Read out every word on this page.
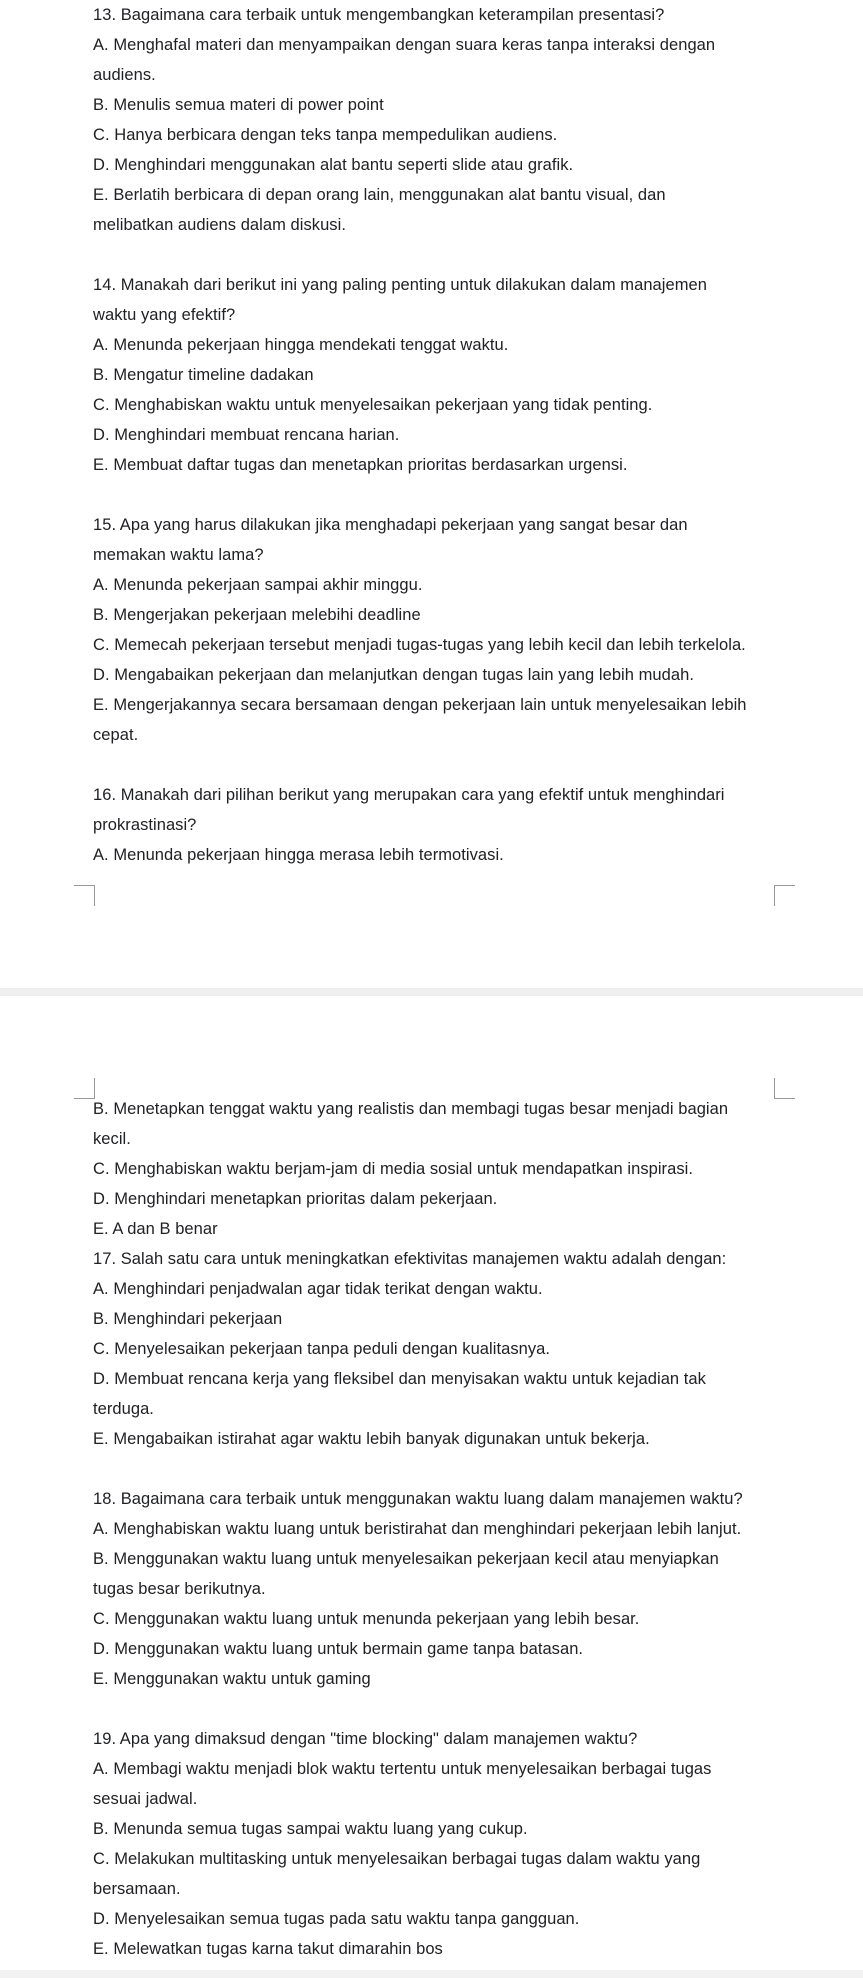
13. Bagaimana cara terbaik untuk mengembangkan keterampilan presentasi?
A. Menghafal materi dan menyampaikan dengan suara keras tanpa interaksi dengan
audiens.
B. Menulis semua materi di power point
C. Hanya berbicara dengan teks tanpa mempedulikan audiens.
D. Menghindari menggunakan alat bantu seperti slide atau grafik.
E. Berlatih berbicara di depan orang lain, menggunakan alat bantu visual, dan
melibatkan audiens dalam diskusi.
14. Manakah dari berikut ini yang paling penting untuk dilakukan dalam manajemen
waktu yang efektif?
A. Menunda pekerjaan hingga mendekati tenggat waktu.
B. Mengatur timeline dadakan
C. Menghabiskan waktu untuk menyelesaikan pekerjaan yang tidak penting.
D. Menghindari membuat rencana harian.
E. Membuat daftar tugas dan menetapkan prioritas berdasarkan urgensi.
15. Apa yang harus dilakukan jika menghadapi pekerjaan yang sangat besar dan
memakan waktu lama?
A. Menunda pekerjaan sampai akhir minggu.
B. Mengerjakan pekerjaan melebihi deadline
C. Memecah pekerjaan tersebut menjadi tugas-tugas yang lebih kecil dan lebih terkelola.
D. Mengabaikan pekerjaan dan melanjutkan dengan tugas lain yang lebih mudah.
E. Mengerjakannya secara bersamaan dengan pekerjaan lain untuk menyelesaikan lebih
cepat.
16. Manakah dari pilihan berikut yang merupakan cara yang efektif untuk menghindari
prokrastinasi?
A. Menunda pekerjaan hingga merasa lebih termotivasi.
B. Menetapkan tenggat waktu yang realistis dan membagi tugas besar menjadi bagian
kecil.
C. Menghabiskan waktu berjam-jam di media sosial untuk mendapatkan inspirasi.
D. Menghindari menetapkan prioritas dalam pekerjaan.
E. A dan B benar
17. Salah satu cara untuk meningkatkan efektivitas manajemen waktu adalah dengan:
A. Menghindari penjadwalan agar tidak terikat dengan waktu.
B. Menghindari pekerjaan
C. Menyelesaikan pekerjaan tanpa peduli dengan kualitasnya.
D. Membuat rencana kerja yang fleksibel dan menyisakan waktu untuk kejadian tak
terduga.
E. Mengabaikan istirahat agar waktu lebih banyak digunakan untuk bekerja.
18. Bagaimana cara terbaik untuk menggunakan waktu luang dalam manajemen waktu?
A. Menghabiskan waktu luang untuk beristirahat dan menghindari pekerjaan lebih lanjut.
B. Menggunakan waktu luang untuk menyelesaikan pekerjaan kecil atau menyiapkan
tugas besar berikutnya.
C. Menggunakan waktu luang untuk menunda pekerjaan yang lebih besar.
D. Menggunakan waktu luang untuk bermain game tanpa batasan.
E. Menggunakan waktu untuk gaming
19. Apa yang dimaksud dengan "time blocking" dalam manajemen waktu?
A. Membagi waktu menjadi blok waktu tertentu untuk menyelesaikan berbagai tugas
sesuai jadwal.
B. Menunda semua tugas sampai waktu luang yang cukup.
C. Melakukan multitasking untuk menyelesaikan berbagai tugas dalam waktu yang
bersamaan.
D. Menyelesaikan semua tugas pada satu waktu tanpa gangguan.
E. Melewatkan tugas karna takut dimarahin bos
